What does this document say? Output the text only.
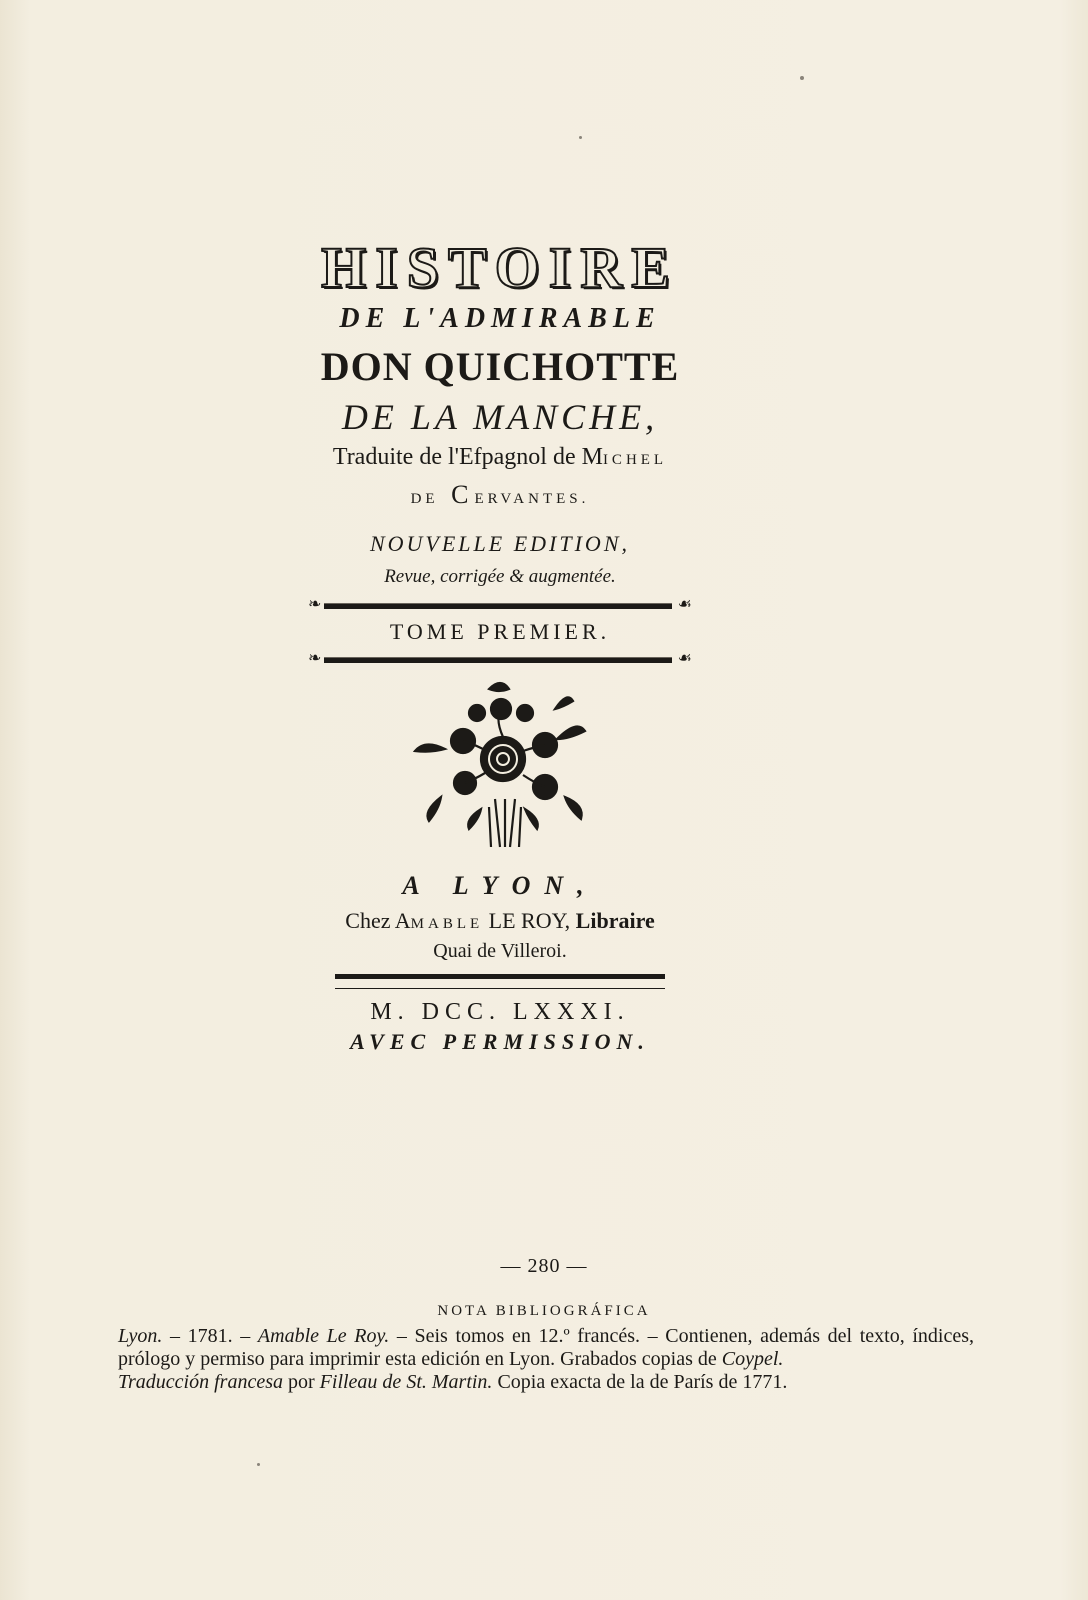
HISTOIRE
DE L'ADMIRABLE
DON QUICHOTTE
DE LA MANCHE,
Traduite de l'Efpagnol de MICHEL
DE CERVANTES.
NOUVELLE EDITION,
Revue, corrigée & augmentée.
❧	☙
TOME PREMIER.
❧	☙
A LYON,
Chez AMABLE LE ROY, Libraire
Quai de Villeroi.
M. DCC. LXXXI.
AVEC PERMISSION.
— 280 —
NOTA BIBLIOGRÁFICA

Lyon. – 1781. – Amable Le Roy. – Seis tomos en 12.º francés. – Contienen, además del texto, índices, prólogo y permiso para imprimir esta edición en Lyon. Grabados copias de Coypel.

Traducción francesa por Filleau de St. Martin. Copia exacta de la de París de 1771.
